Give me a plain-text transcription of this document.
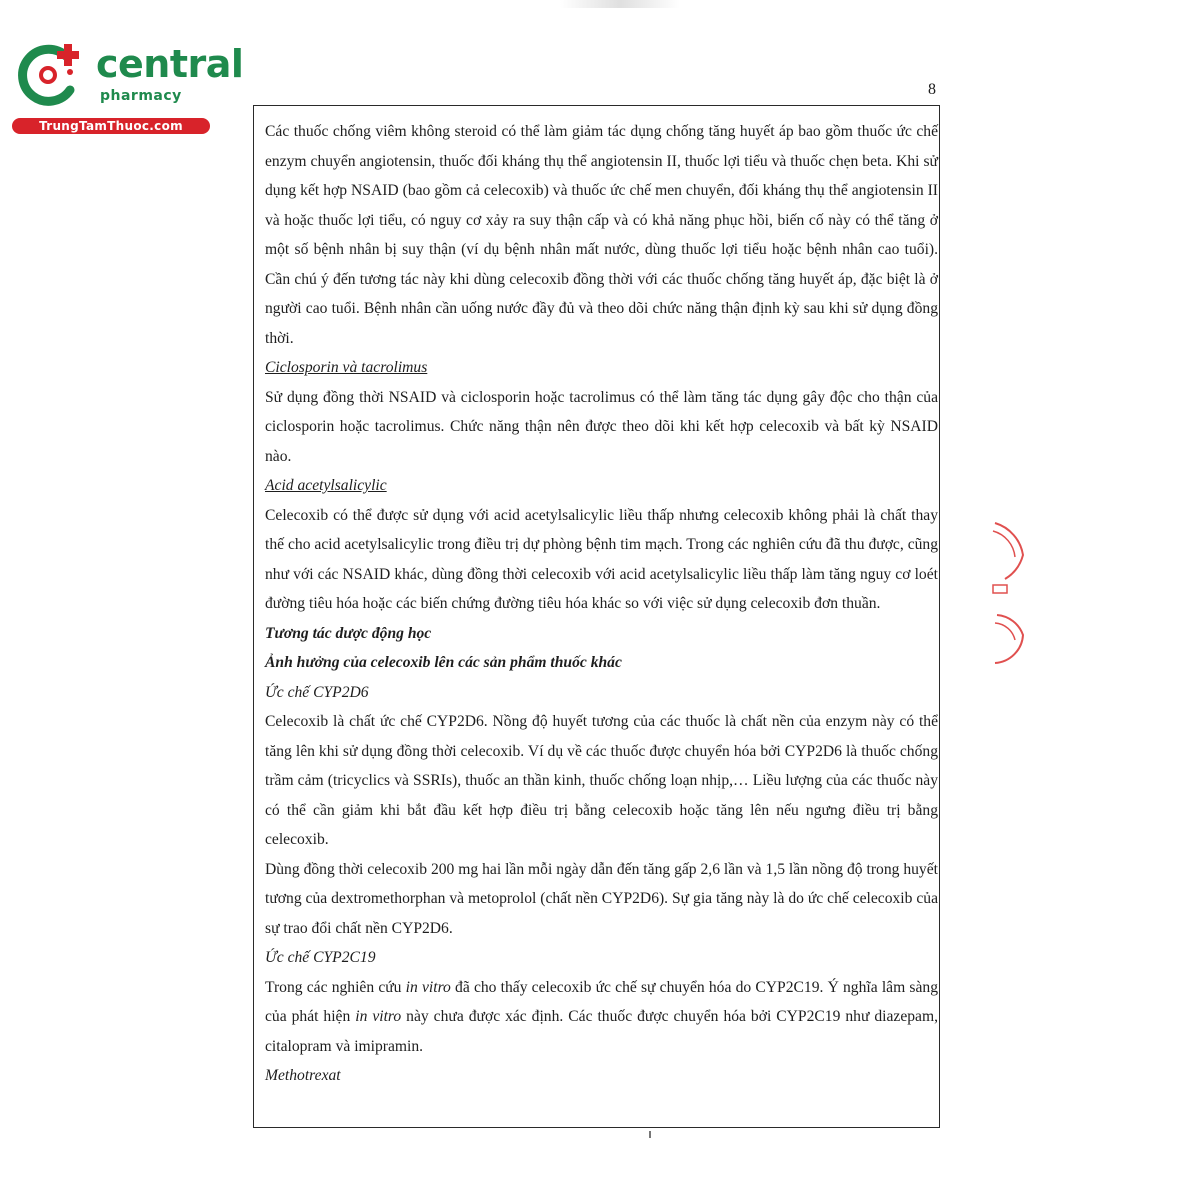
central
pharmacy
TrungTamThuoc.com
8

Các thuốc chống viêm không steroid có thể làm giảm tác dụng chống tăng huyết áp bao gồm thuốc ức chế enzym chuyển angiotensin, thuốc đối kháng thụ thể angiotensin II, thuốc lợi tiểu và thuốc chẹn beta. Khi sử dụng kết hợp NSAID (bao gồm cả celecoxib) và thuốc ức chế men chuyển, đối kháng thụ thể angiotensin II và hoặc thuốc lợi tiểu, có nguy cơ xảy ra suy thận cấp và có khả năng phục hồi, biến cố này có thể tăng ở một số bệnh nhân bị suy thận (ví dụ bệnh nhân mất nước, dùng thuốc lợi tiểu hoặc bệnh nhân cao tuổi). Cần chú ý đến tương tác này khi dùng celecoxib đồng thời với các thuốc chống tăng huyết áp, đặc biệt là ở người cao tuổi. Bệnh nhân cần uống nước đầy đủ và theo dõi chức năng thận định kỳ sau khi sử dụng đồng thời.

Ciclosporin và tacrolimus

Sử dụng đồng thời NSAID và ciclosporin hoặc tacrolimus có thể làm tăng tác dụng gây độc cho thận của ciclosporin hoặc tacrolimus. Chức năng thận nên được theo dõi khi kết hợp celecoxib và bất kỳ NSAID nào.

Acid acetylsalicylic

Celecoxib có thể được sử dụng với acid acetylsalicylic liều thấp nhưng celecoxib không phải là chất thay thế cho acid acetylsalicylic trong điều trị dự phòng bệnh tim mạch. Trong các nghiên cứu đã thu được, cũng như với các NSAID khác, dùng đồng thời celecoxib với acid acetylsalicylic liều thấp làm tăng nguy cơ loét đường tiêu hóa hoặc các biến chứng đường tiêu hóa khác so với việc sử dụng celecoxib đơn thuần.

Tương tác dược động học

Ảnh hưởng của celecoxib lên các sản phẩm thuốc khác

Ức chế CYP2D6

Celecoxib là chất ức chế CYP2D6. Nồng độ huyết tương của các thuốc là chất nền của enzym này có thể tăng lên khi sử dụng đồng thời celecoxib. Ví dụ về các thuốc được chuyển hóa bởi CYP2D6 là thuốc chống trầm cảm (tricyclics và SSRIs), thuốc an thần kinh, thuốc chống loạn nhịp,… Liều lượng của các thuốc này có thể cần giảm khi bắt đầu kết hợp điều trị bằng celecoxib hoặc tăng lên nếu ngưng điều trị bằng celecoxib.

Dùng đồng thời celecoxib 200 mg hai lần mỗi ngày dẫn đến tăng gấp 2,6 lần và 1,5 lần nồng độ trong huyết tương của dextromethorphan và metoprolol (chất nền CYP2D6). Sự gia tăng này là do ức chế celecoxib của sự trao đổi chất nền CYP2D6.

Ức chế CYP2C19

Trong các nghiên cứu in vitro đã cho thấy celecoxib ức chế sự chuyển hóa do CYP2C19. Ý nghĩa lâm sàng của phát hiện in vitro này chưa được xác định. Các thuốc được chuyển hóa bởi CYP2C19 như diazepam, citalopram và imipramin.

Methotrexat
